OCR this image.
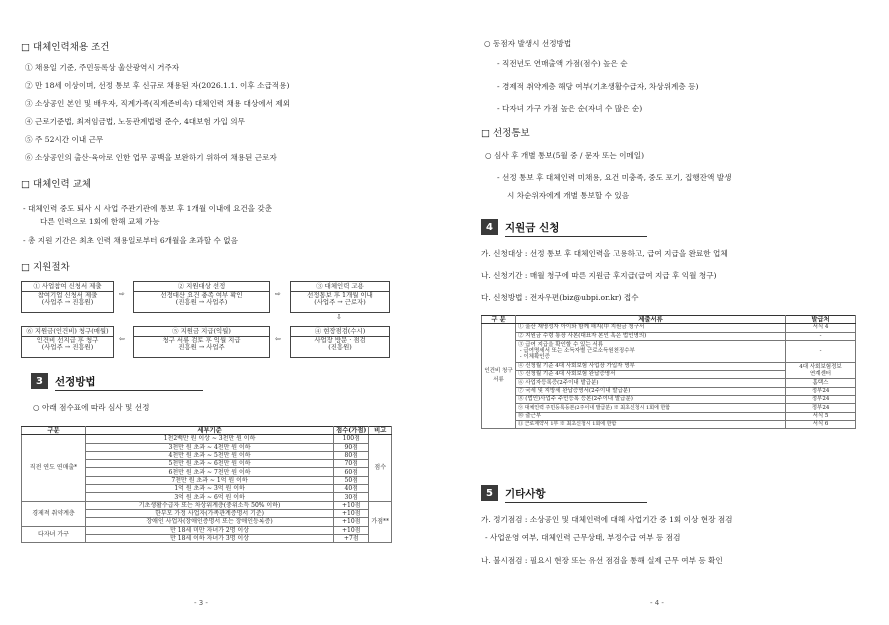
□ 대체인력채용 조건
① 채용일 기준, 주민등록상 울산광역시 거주자
② 만 18세 이상이며, 선정 통보 후 신규로 채용된 자(2026.1.1. 이후 소급적용)
③ 소상공인 본인 및 배우자, 직계가족(직계존비속) 대체인력 채용 대상에서 제외
④ 근로기준법, 최저임금법, 노동관계법령 준수, 4대보험 가입 의무
⑤ 주 52시간 이내 근무
⑥ 소상공인의 출산·육아로 인한 업무 공백을 보완하기 위하여 채용된 근로자
□ 대체인력 교체
- 대체인력 중도 퇴사 시 사업 주관기관에 통보 후 1개월 이내에 요건을 갖춘
다른 인력으로 1회에 한해 교체 가능
- 총 지원 기간은 최초 인력 채용일로부터 6개월을 초과할 수 없음
□ 지원절차
① 사업참여 신청서 제출
참여기업 신청서 제출
(사업주 → 진흥원)
⇨
② 지원대상 선정
선정대산 요건 충족 여부 확인
(진흥원 → 사업주)
⇨
③ 대체인력 고용
선정통보 후 1개월 이내
(사업주 → 근로자)
⇩
⑥ 지원금(인건비) 청구(매월)
인건비 선지급 후 청구
(사업주 → 진흥원)
⇦
⑤ 지원금 지급(익월)
청구 서류 검토 후 익월 지급
진흥원 → 사업주
⇦
④ 현장점검(수시)
사업장 방문 · 점검
(진흥원)
3	선정방법
○ 아래 점수표에 따라 심사 및 선정
구분	세부기준	점수(가점)	비고
직전 연도 연매출*	1천2백만 원 이상 ~ 3천만 원 이하	100점	점수
	3천만 원 초과 ~ 4천만 원 이하	90점	
	4천만 원 초과 ~ 5천만 원 이하	80점	
	5천만 원 초과 ~ 6천만 원 이하	70점	
	6천만 원 초과 ~ 7천만 원 이하	60점	
	7천만 원 초과 ~ 1억 원 이하	50점	
	1억 원 초과 ~ 3억 원 이하	40점	
	3억 원 초과 ~ 6억 원 이하	30점	
경제적 취약계층	기초생활수급자 또는 차상위계층(중위소득 50% 이하)	+10점	가점**
	한부모 가정 사업자(가족관계증명서 기준)	+10점	
	장애인 사업자(장애인증명서 또는 장애인등록증)	+10점	
다자녀 가구	만 18세 미만 자녀가 2명 이상	+10점	
	만 18세 이하 자녀가 3명 이상	+7점	
- 3 -
○ 동점자 발생시 선정방법
- 직전년도 연매출액 가점(점수) 높은 순
- 경제적 취약계층 해당 여부(기초생활수급자, 차상위계층 등)
- 다자녀 가구 가점 높은 순(자녀 수 많은 순)
□ 선정통보
○ 심사 후 개별 통보(5월 중 / 문자 또는 이메일)
- 선정 통보 후 대체인력 미채용, 요건 미충족, 중도 포기, 집행잔액 발생
시 차순위자에게 개별 통보할 수 있음
4	지원금 신청
가. 신청대상 : 선정 통보 후 대체인력을 고용하고, 급여 지급을 완료한 업체
나. 신청기간 : 매월 청구에 따른 지원금 후지급(급여 지급 후 익월 청구)
다. 신청방법 : 전자우편(biz@ubpi.or.kr) 접수
구 분	제출서류	발급처
인건비 청구서류	① 울산 재명성자 아이와 함께 해지(甲 지원금 청구서	서식 4
	② 지원금 수령 통장 사본(대표자 본인 혹은 법인명의)	-
	③ 급여 지급을 확인할 수 있는 서류
- 급여명세서 또는 소득자별 근로소득원천징수부
- 이체확인증	-
	④ 신청월 기준 4대 사회보험 사업장 가입자 명부	4대 사회보험정보
연계센터
	⑤ 신청월 기준 4대 사회보험 완납증명서	
	⑥ 사업자등록증(2주이내 발급분)	홈택스
	⑦ 국세 및 지방세 완납증명서(2주이내 발급분)	정부24
	⑧ (법인)사업주 주민등록 등본(2주이내 발급분)	정부24
	⑨ 대체인력 주민등록등본(2주이내 발급분) ※ 최초신청시 1회에 한함	정부24
	⑩ 출근부	서식 5
	⑪ 근로계약서 1부 ※ 최초신청시 1회에 한함	서식 6
5	기타사항
가. 정기점검 : 소상공인 및 대체인력에 대해 사업기간 중 1회 이상 현장 점검
- 사업운영 여부, 대체인력 근무상태, 부정수급 여부 등 점검
나. 불시점검 : 필요시 현장 또는 유선 점검을 통해 실제 근무 여부 등 확인
- 4 -
